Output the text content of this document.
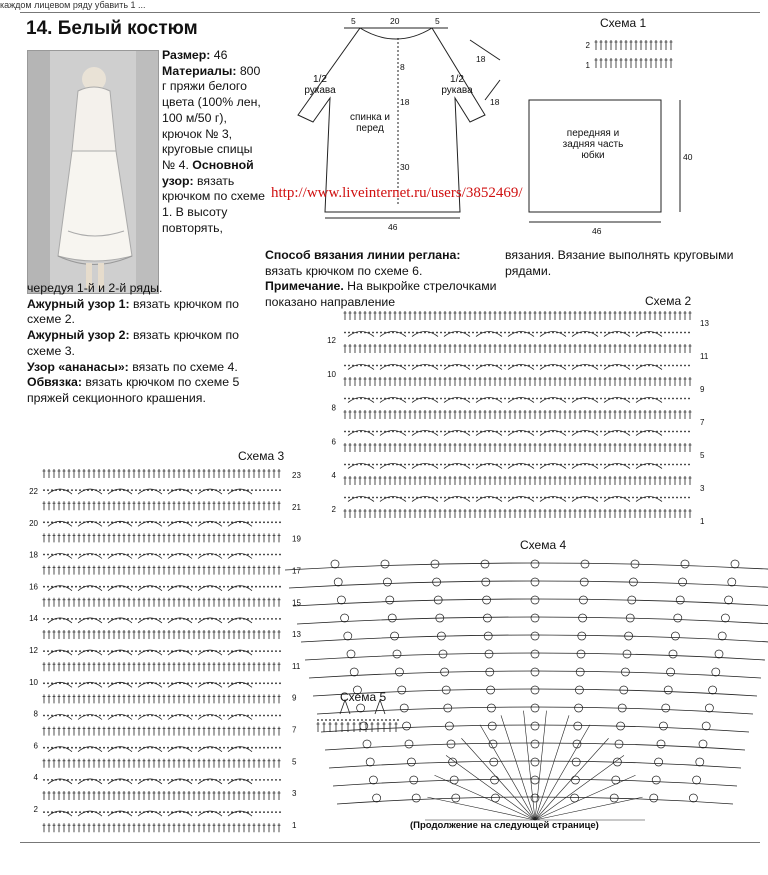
каждом лицевом ряду убавить 1 ...
14. Белый костюм
Размер: 46
Материалы: 800 г пряжи белого цвета (100% лен, 100 м/50 г), крючок № 3, круговые спицы № 4. Основной узор: вязать крючком по схеме 1. В высоту повторять,
чередуя 1-й и 2-й ряды.
Ажурный узор 1: вязать крючком по схеме 2.
Ажурный узор 2: вязать крючком по схеме 3.
Узор «ананасы»: вязать по схеме 4.
Обвязка: вязать крючком по схеме 5 пряжей секционного крашения.
Способ вязания линии реглана: вязать крючком по схеме 6.
Примечание. На выкройке стрелочками показано направление
вязания. Вязание выполнять круговыми рядами.
5	20	5
18
8
18
30
46
18
40
46
1/2 рукава
1/2 рукава
спинка и перед	передняя и задняя часть юбки
http://www.liveinternet.ru/users/3852469/
Схема 1
Схема 2
Схема 3
Схема 4
Схема 5
2
1
13
11
9
7
5
3
1
12
10
8
6
4
2
23
21
19
17
15
13
11
9
7
5
3
1
22
20
18
16
14
12
10
8
6
4
2
(Продолжение на следующей странице)
